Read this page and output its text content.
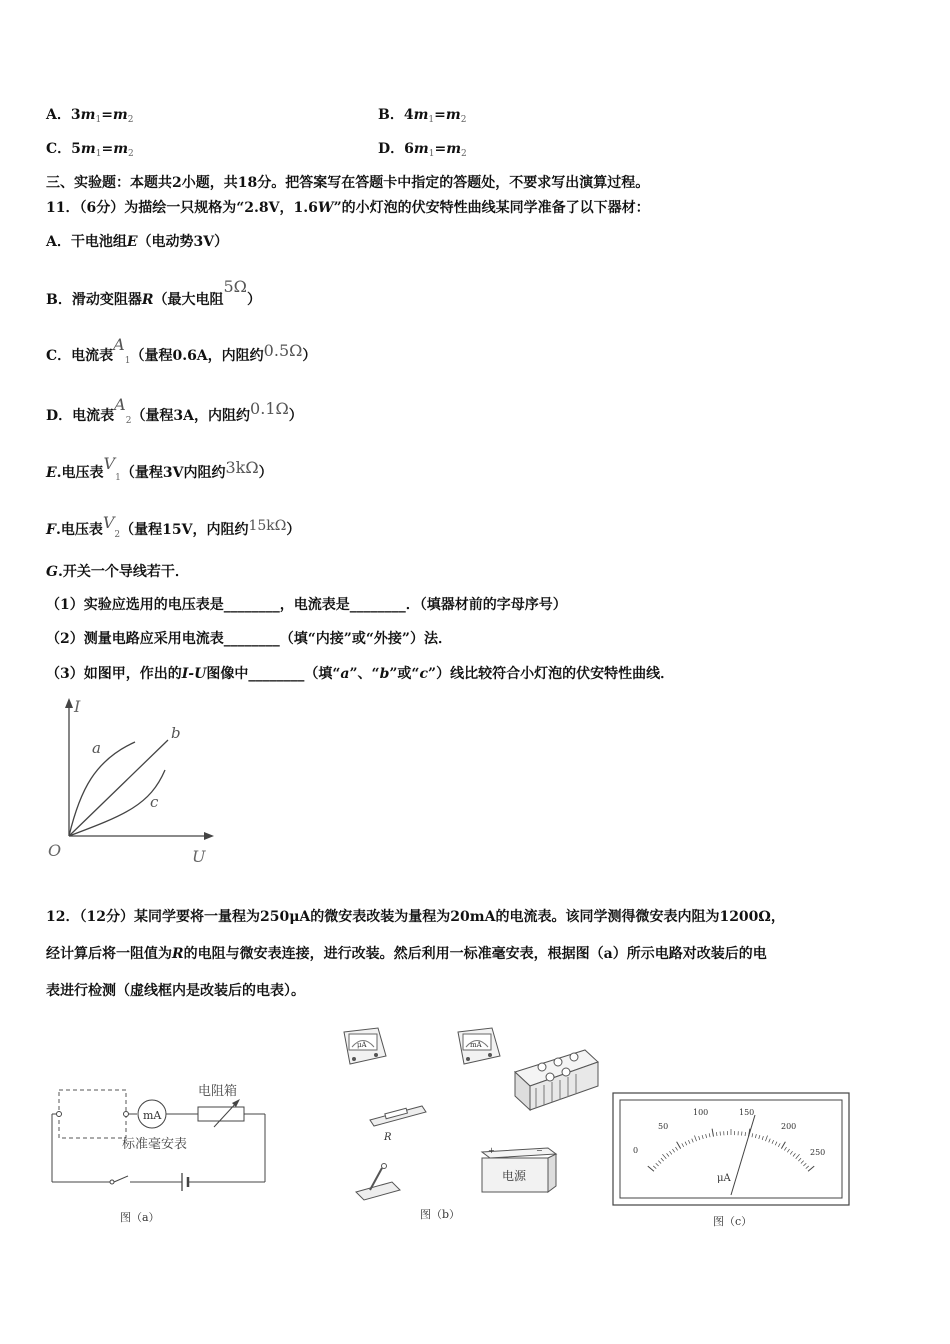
A．$3m_1=m_2$	B．$4m_1=m_2$
C．$5m_1=m_2$	D．$6m_1=m_2$
三、实验题：本题共2小题，共18分。把答案写在答题卡中指定的答题处，不要求写出演算过程。
11．（6分）为描绘一只规格为“2.8V，1.6W”的小灯泡的伏安特性曲线某同学准备了以下器材：
A．干电池组E（电动势3V）
B．滑动变阻器R（最大电阻5Ω）
C．电流表$A_1$（量程0.6A，内阻约0.5Ω）
D．电流表$A_2$（量程3A，内阻约0.1Ω）
E.电压表$V_1$（量程3V内阻约3kΩ）
F.电压表$V_2$（量程15V，内阻约15kΩ）
G.开关一个导线若干．
（1）实验应选用的电压表是________，电流表是________．（填器材前的字母序号）
（2）测量电路应采用电流表________（填“内接”或“外接”）法．
（3）如图甲，作出的I-U图像中________（填“a”、“b”或“c”）线比较符合小灯泡的伏安特性曲线．
I
U
O
a
b
c
12．（12分）某同学要将一量程为250μA的微安表改装为量程为20mA的电流表。该同学测得微安表内阻为1200Ω，
经计算后将一阻值为R的电阻与微安表连接，进行改装。然后利用一标准毫安表，根据图（a）所示电路对改装后的电
表进行检测（虚线框内是改装后的电表）。
mA
电阻箱
标准毫安表
图（a）
μA	mA
R
+	−
电源
图（b）
0
50
100	150
200
250
μA
图（c）
